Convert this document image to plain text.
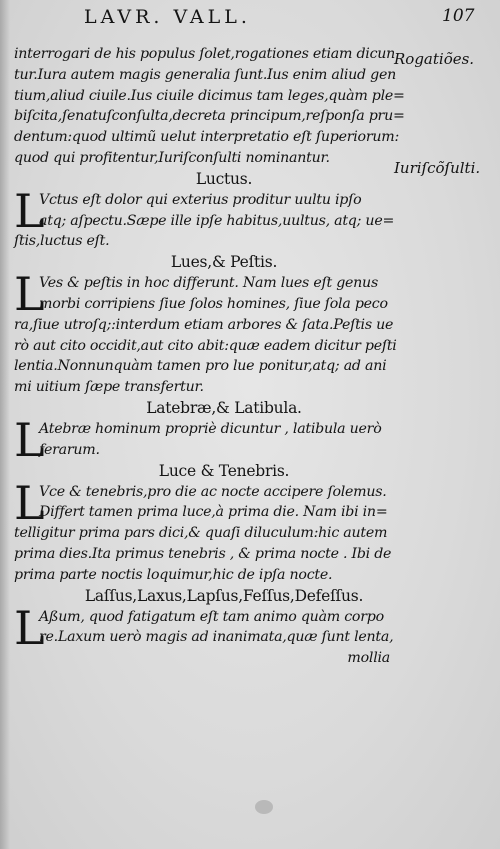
LAVR. VALL.	107
Rogatiões.
Iuriſcõſulti.
interrogari de his populus ſolet,rogationes etiam dicun
tur.Iura autem magis generalia ſunt.Ius enim aliud gen
tium,aliud ciuile.Ius ciuile dicimus tam leges,quàm ple=
biſcita,ſenatuſconſulta,decreta principum,reſponſa pru=
dentum:quod ultimũ uelut interpretatio eſt ſuperiorum:
quod qui profitentur,Iuriſconſulti nominantur.
Luctus.
L
Vctus eſt dolor qui exterius proditur uultu ipſo
atq; aſpectu.Sæpe ille ipſe habitus,uultus, atq; ue=
ſtis,luctus eſt.
Lues,& Peſtis.
L
Ves & peſtis in hoc differunt. Nam lues eſt genus
morbi corripiens ſiue ſolos homines, ſiue ſola peco
ra,ſiue utroſq;:interdum etiam arbores & ſata.Peſtis ue
rò aut cito occidit,aut cito abit:quæ eadem dicitur peſti
lentia.Nonnunquàm tamen pro lue ponitur,atq; ad ani
mi uitium ſæpe transfertur.
Latebræ,& Latibula.
L
Atebræ hominum propriè dicuntur , latibula uerò
ferarum.
Luce & Tenebris.
L
Vce & tenebris,pro die ac nocte accipere ſolemus.
Differt tamen prima luce,à prima die. Nam ibi in=
telligitur prima pars dici,& quaſi diluculum:hic autem
prima dies.Ita primus tenebris , & prima nocte . Ibi de
prima parte noctis loquimur,hic de ipſa nocte.
Laſſus,Laxus,Lapſus,Feſſus,Defeſſus.
L
Aßum, quod fatigatum eſt tam animo quàm corpo
re.Laxum uerò magis ad inanimata,quæ ſunt lenta,
mollia
